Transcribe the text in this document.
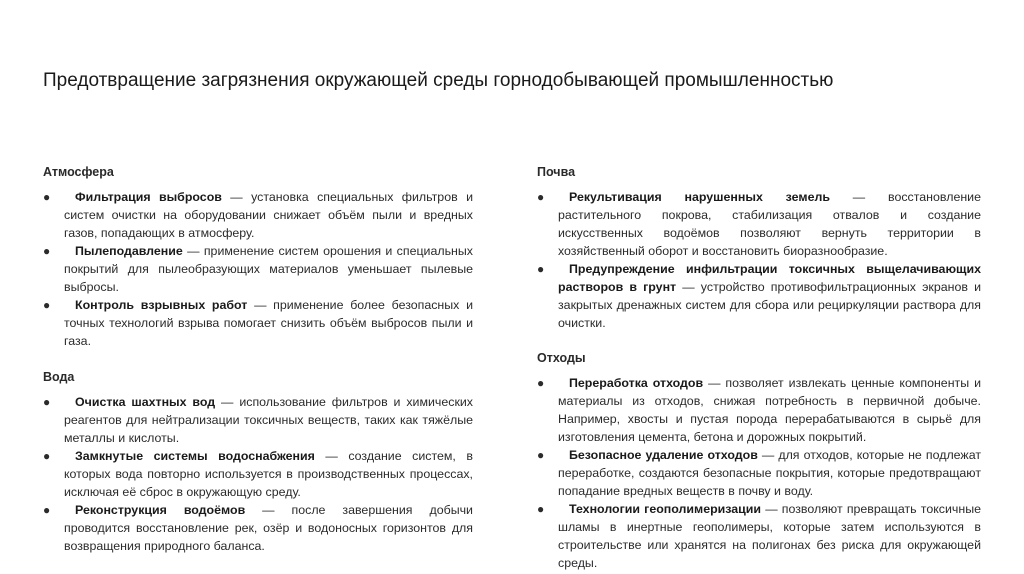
Предотвращение загрязнения окружающей среды горнодобывающей промышленностью
Атмосфера
● Фильтрация выбросов — установка специальных фильтров и систем очистки на оборудовании снижает объём пыли и вредных газов, попадающих в атмосферу.
● Пылеподавление — применение систем орошения и специальных покрытий для пылеобразующих материалов уменьшает пылевые выбросы.
● Контроль взрывных работ — применение более безопасных и точных технологий взрыва помогает снизить объём выбросов пыли и газа.
Вода
● Очистка шахтных вод — использование фильтров и химических реагентов для нейтрализации токсичных веществ, таких как тяжёлые металлы и кислоты.
● Замкнутые системы водоснабжения — создание систем, в которых вода повторно используется в производственных процессах, исключая её сброс в окружающую среду.
● Реконструкция водоёмов — после завершения добычи проводится восстановление рек, озёр и водоносных горизонтов для возвращения природного баланса.
Почва
● Рекультивация нарушенных земель — восстановление растительного покрова, стабилизация отвалов и создание искусственных водоёмов позволяют вернуть территории в хозяйственный оборот и восстановить биоразнообразие.
● Предупреждение инфильтрации токсичных выщелачивающих растворов в грунт — устройство противофильтрационных экранов и закрытых дренажных систем для сбора или рециркуляции раствора для очистки.
Отходы
● Переработка отходов — позволяет извлекать ценные компоненты и материалы из отходов, снижая потребность в первичной добыче. Например, хвосты и пустая порода перерабатываются в сырьё для изготовления цемента, бетона и дорожных покрытий.
● Безопасное удаление отходов — для отходов, которые не подлежат переработке, создаются безопасные покрытия, которые предотвращают попадание вредных веществ в почву и воду.
● Технологии геополимеризации — позволяют превращать токсичные шламы в инертные геополимеры, которые затем используются в строительстве или хранятся на полигонах без риска для окружающей среды.
